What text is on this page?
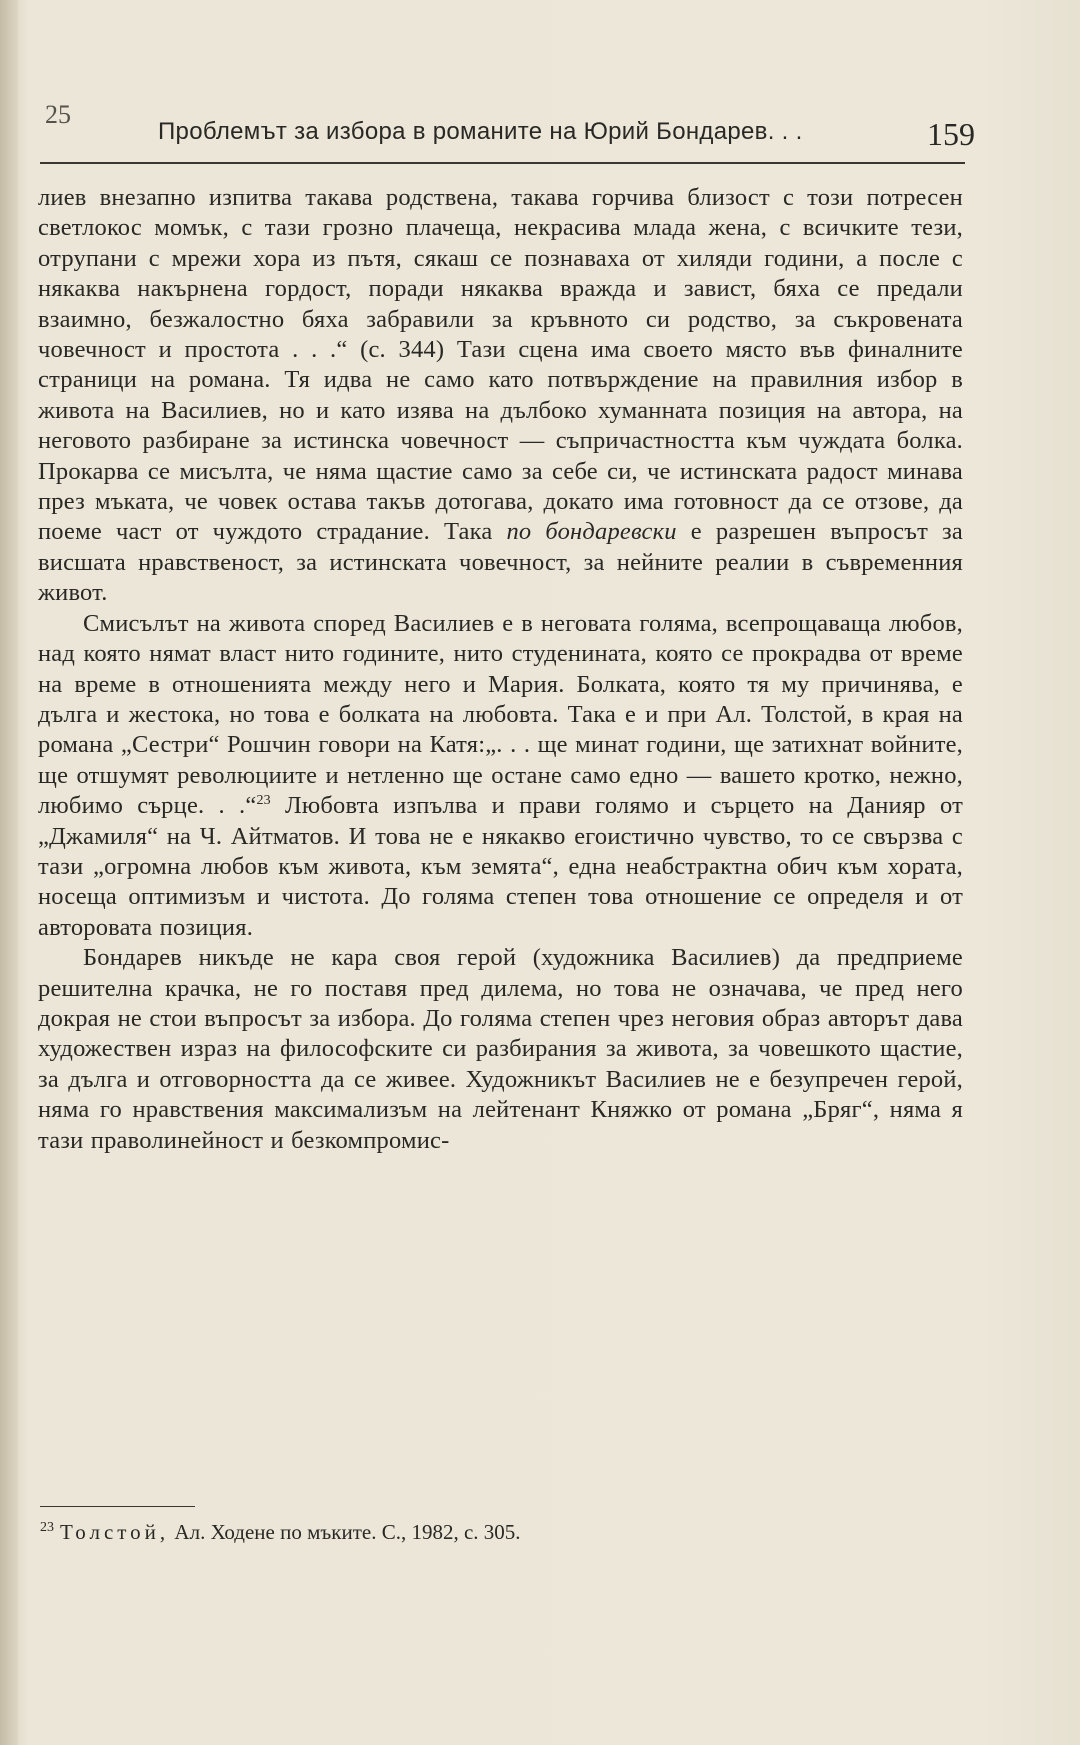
25
Проблемът за избора в романите на Юрий Бондарев. . .	159

лиев внезапно изпитва такава родствена, такава горчива близост с този потресен светлокос момък, с тази грозно плачеща, некрасива млада жена, с всичките тези, отрупани с мрежи хора из пътя, сякаш се познаваха от хиляди години, а после с някаква накърнена гордост, поради някаква вражда и завист, бяха се предали взаимно, безжалостно бяха забравили за кръвното си родство, за съкровената човечност и простота . . .“ (с. 344) Тази сцена има своето място във финалните страници на романа. Тя идва не само като потвърждение на правилния избор в живота на Василиев, но и като изява на дълбоко хуманната позиция на автора, на неговото разбиране за истинска човечност — съпричастността към чуждата болка. Прокарва се мисълта, че няма щастие само за себе си, че истинската радост минава през мъката, че човек остава такъв дотогава, докато има готовност да се отзове, да поеме част от чуждото страдание. Така по бондаревски е разрешен въпросът за висшата нравственост, за истинската човечност, за нейните реалии в съвременния живот.

Смисълът на живота според Василиев е в неговата голяма, всепрощаваща любов, над която нямат власт нито годините, нито студенината, която се прокрадва от време на време в отношенията между него и Мария. Болката, която тя му причинява, е дълга и жестока, но това е болката на любовта. Така е и при Ал. Толстой, в края на романа „Сестри“ Рошчин говори на Катя:„. . . ще минат години, ще затихнат войните, ще отшумят революциите и нетленно ще остане само едно — вашето кротко, нежно, любимо сърце. . .“$^{23}$ Любовта изпълва и прави голямо и сърцето на Данияр от „Джамиля“ на Ч. Айтматов. И това не е някакво егоистично чувство, то се свързва с тази „огромна любов към живота, към земята“, една неабстрактна обич към хората, носеща оптимизъм и чистота. До голяма степен това отношение се определя и от авторовата позиция.

Бондарев никъде не кара своя герой (художника Василиев) да предприеме решителна крачка, не го поставя пред дилема, но това не означава, че пред него докрая не стои въпросът за избора. До голяма степен чрез неговия образ авторът дава художествен израз на философските си разбирания за живота, за човешкото щастие, за дълга и отговорността да се живее. Художникът Василиев не е безупречен герой, няма го нравствения максимализъм на лейтенант Княжко от романа „Бряг“, няма я тази праволинейност и безкомпромис-

$^{23}$ Толстой, Ал. Ходене по мъките. С., 1982, с. 305.
